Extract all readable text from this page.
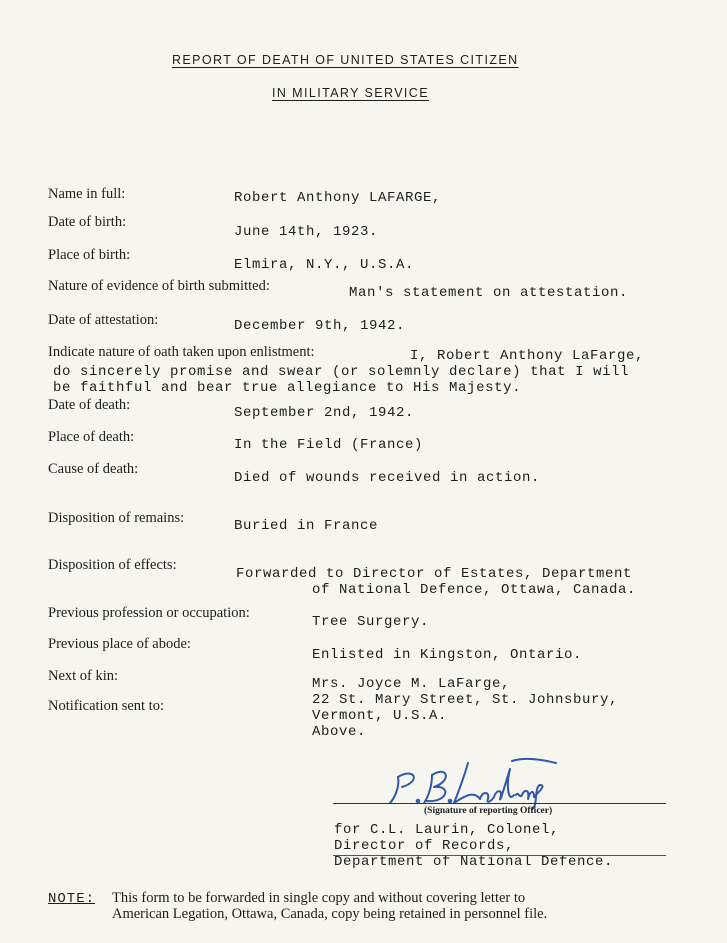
REPORT OF DEATH OF UNITED STATES CITIZEN
IN MILITARY SERVICE
Name in full:	Robert Anthony LAFARGE,
Date of birth:
June 14th, 1923.
Place of birth:
Elmira, N.Y., U.S.A.
Nature of evidence of birth submitted:	Man's statement on attestation.
Date of attestation:	December 9th, 1942.
Indicate nature of oath taken upon enlistment:	I, Robert Anthony LaFarge,
do sincerely promise and swear (or solemnly declare) that I will
be faithful and bear true allegiance to His Majesty.
Date of death:	September 2nd, 1942.
Place of death:	In the Field (France)
Cause of death:
Died of wounds received in action.
Disposition of remains:	Buried in France
Disposition of effects:
Forwarded to Director of Estates, Department
of National Defence, Ottawa, Canada.
Previous profession or occupation:
Tree Surgery.
Previous place of abode:
Enlisted in Kingston, Ontario.
Next of kin:	Mrs. Joyce M. LaFarge,
22 St. Mary Street, St. Johnsbury,
Vermont, U.S.A.
Notification sent to:
Above.
(Signature of reporting Officer)
for C.L. Laurin, Colonel,
Director of Records,
Department of National Defence.
NOTE: This form to be forwarded in single copy and without covering letter to
American Legation, Ottawa, Canada, copy being retained in personnel file.
